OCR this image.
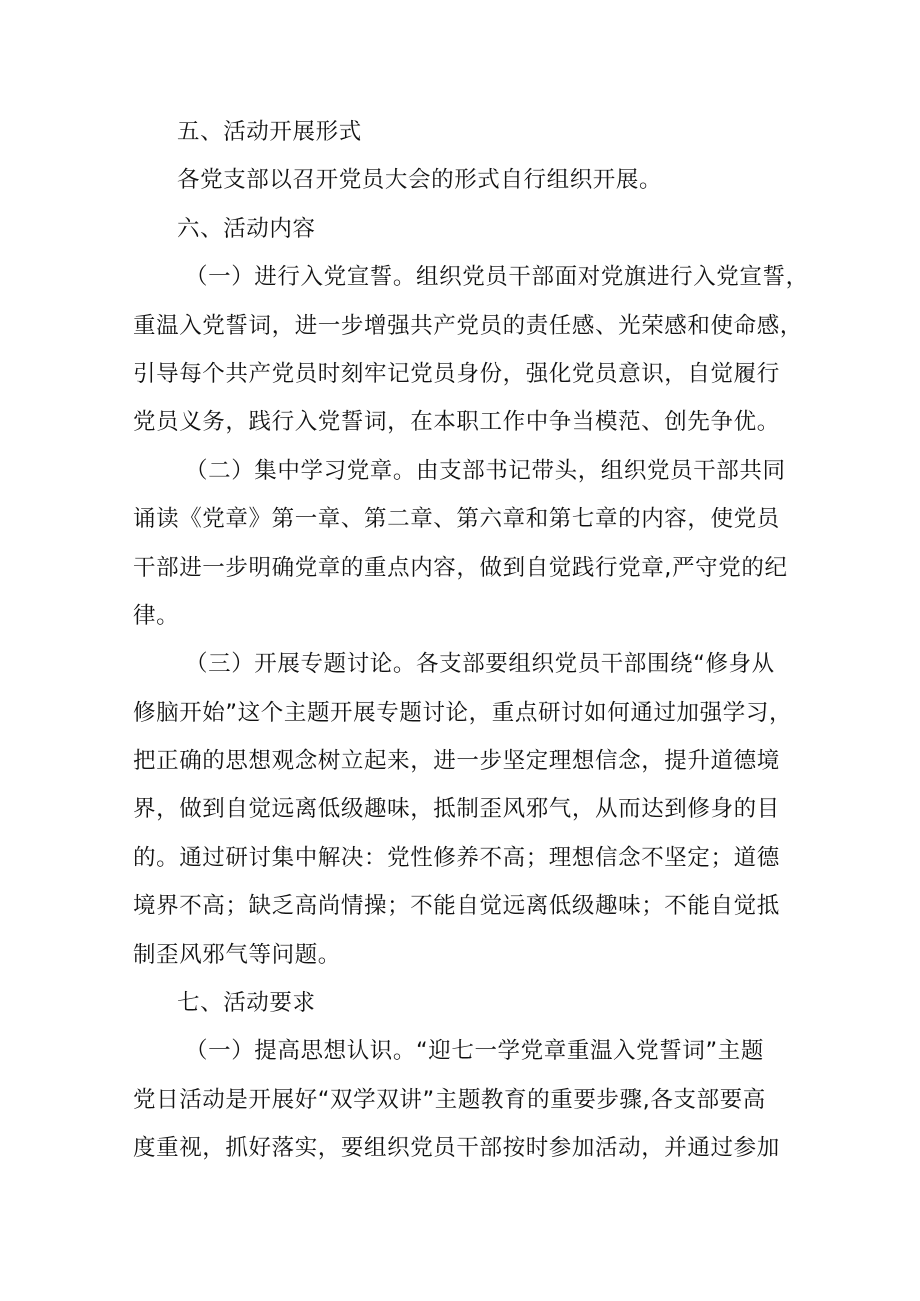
五、活动开展形式
各党支部以召开党员大会的形式自行组织开展。
六、活动内容
（一）进行入党宣誓。组织党员干部面对党旗进行入党宣誓，
重温入党誓词，进一步增强共产党员的责任感、光荣感和使命感，
引导每个共产党员时刻牢记党员身份，强化党员意识，自觉履行
党员义务，践行入党誓词，在本职工作中争当模范、创先争优。
（二）集中学习党章。由支部书记带头，组织党员干部共同
诵读《党章》第一章、第二章、第六章和第七章的内容，使党员
干部进一步明确党章的重点内容，做到自觉践行党章,严守党的纪
律。
（三）开展专题讨论。各支部要组织党员干部围绕“修身从
修脑开始”这个主题开展专题讨论，重点研讨如何通过加强学习，
把正确的思想观念树立起来，进一步坚定理想信念，提升道德境
界，做到自觉远离低级趣味，抵制歪风邪气，从而达到修身的目
的。通过研讨集中解决：党性修养不高；理想信念不坚定；道德
境界不高；缺乏高尚情操；不能自觉远离低级趣味；不能自觉抵
制歪风邪气等问题。
七、活动要求
（一）提高思想认识。“迎七一学党章重温入党誓词”主题
党日活动是开展好“双学双讲”主题教育的重要步骤,各支部要高
度重视，抓好落实，要组织党员干部按时参加活动，并通过参加
